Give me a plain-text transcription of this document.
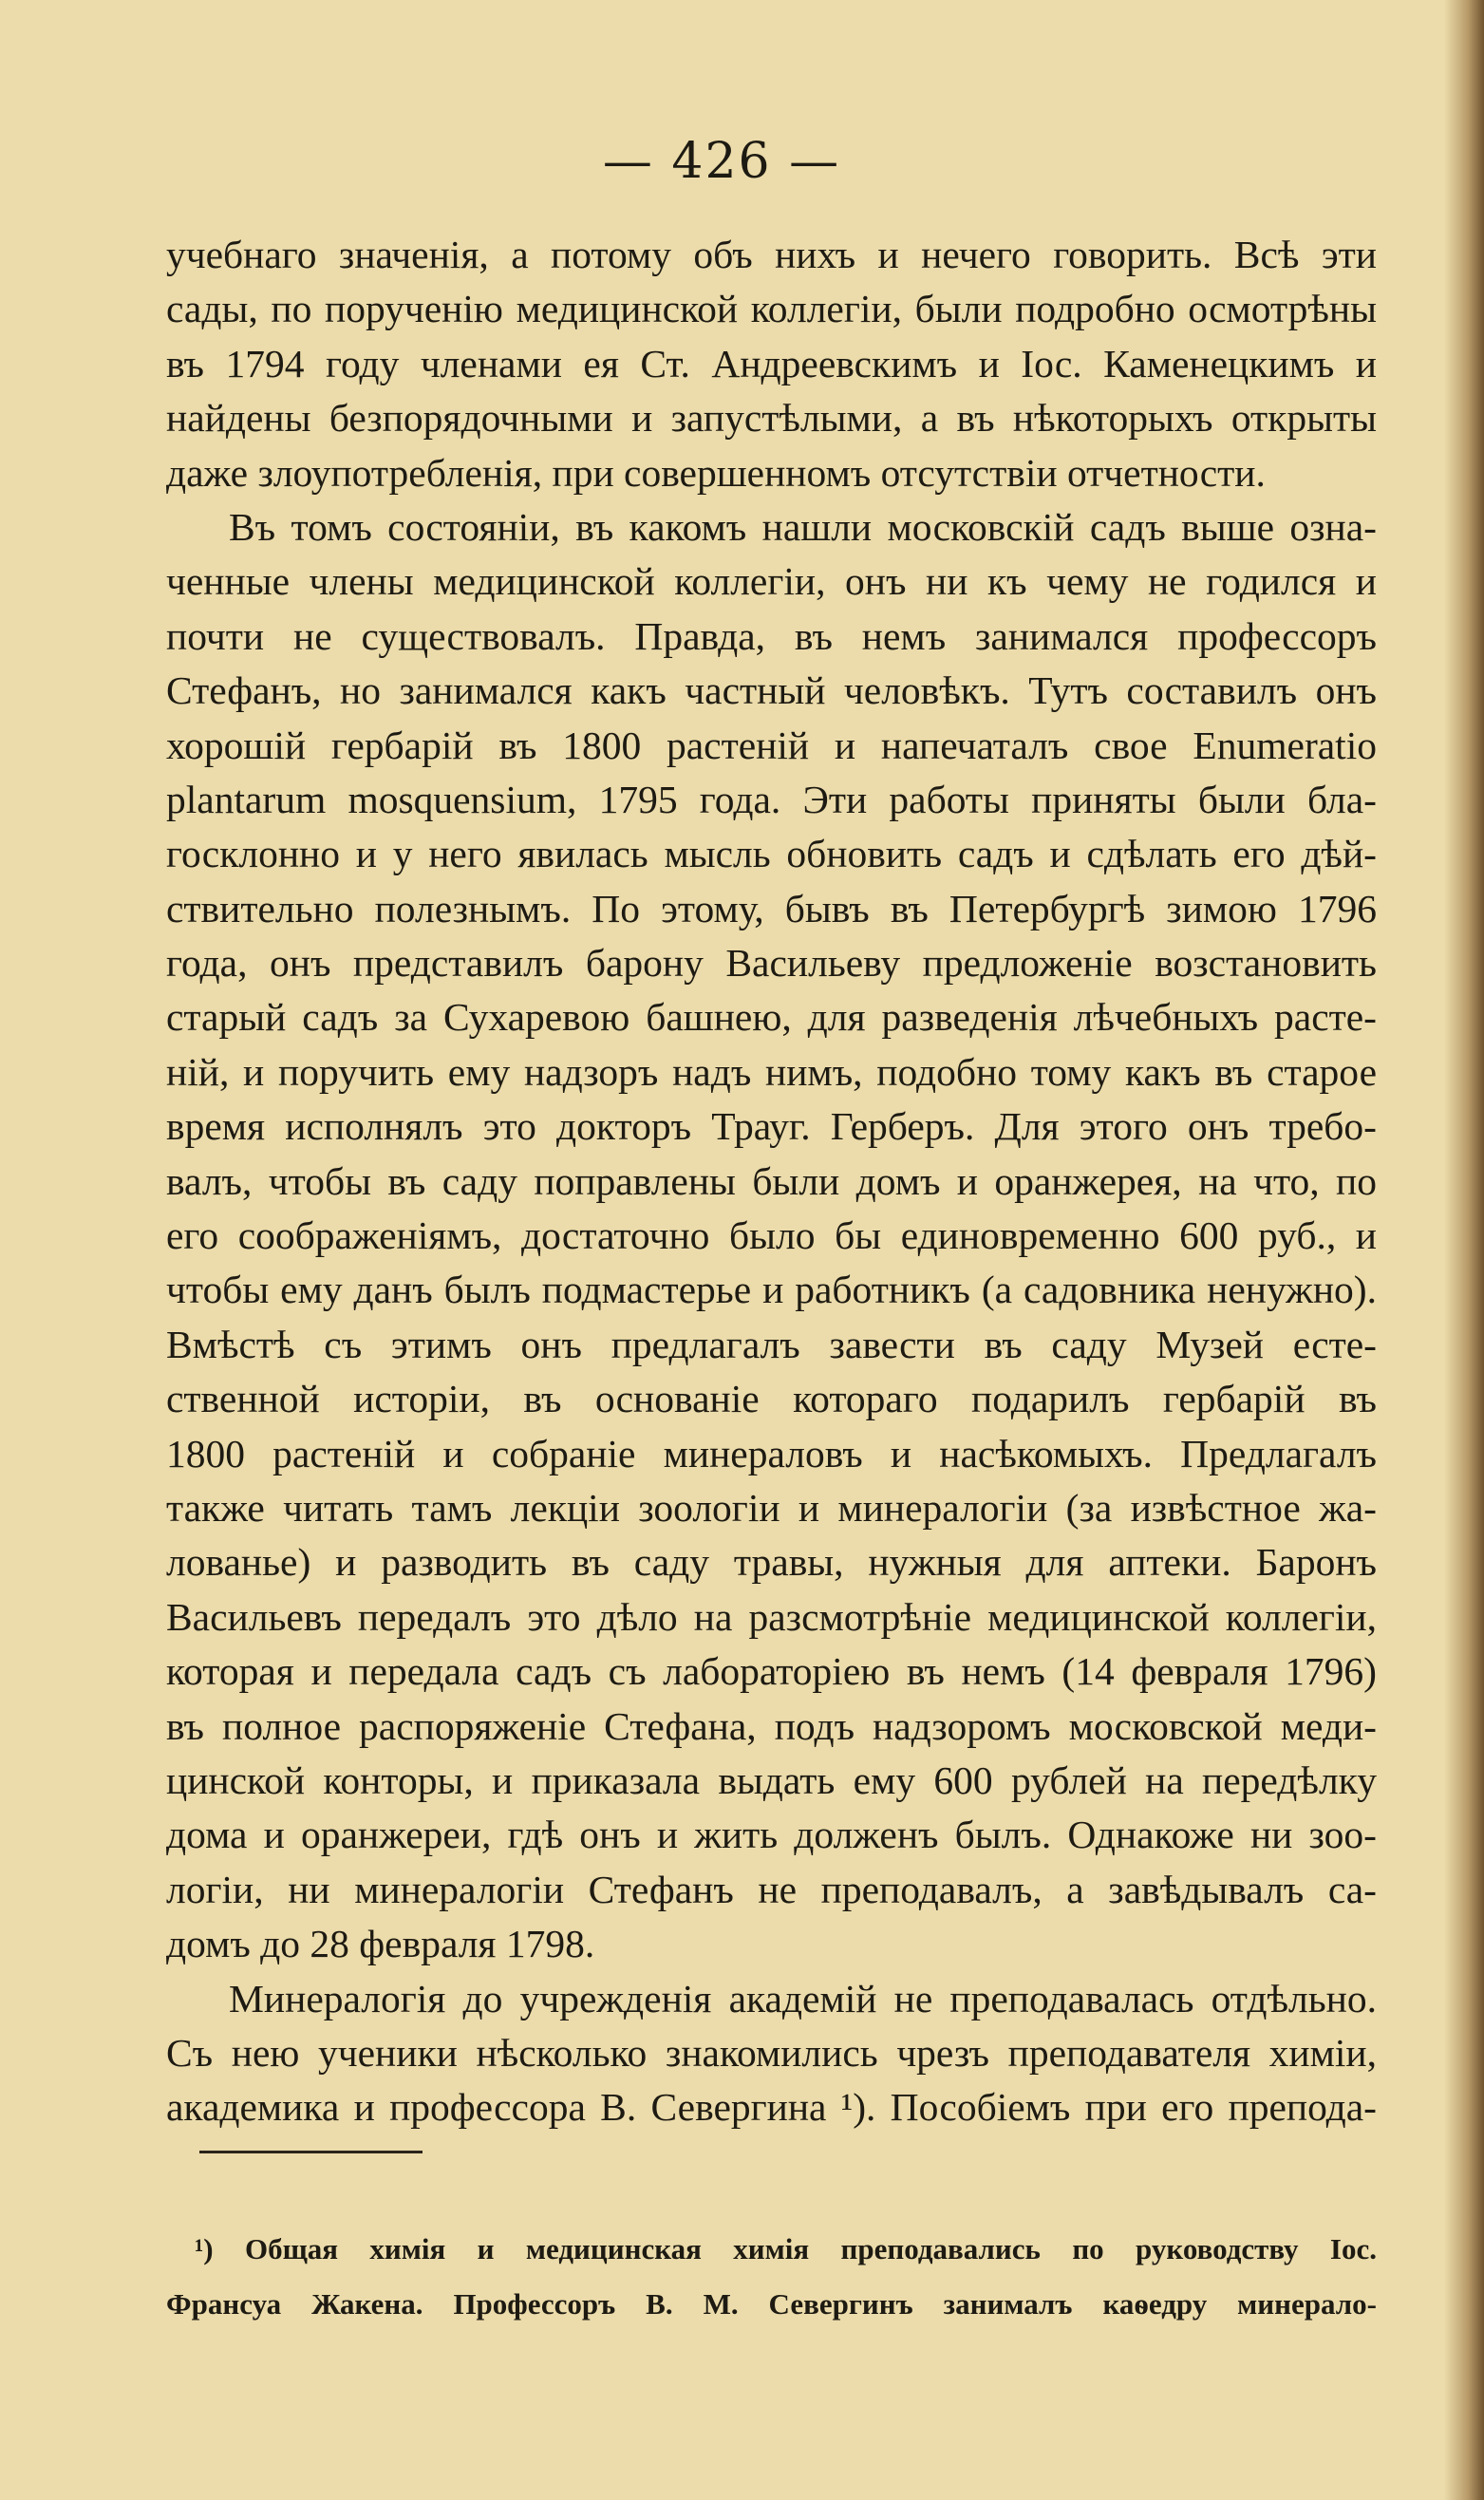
— 426 —
учебнаго значенія, а потому объ нихъ и нечего говорить. Всѣ эти
сады, по порученію медицинской коллегіи, были подробно осмотрѣны
въ 1794 году членами ея Ст. Андреевскимъ и Іос. Каменецкимъ и
найдены безпорядочными и запустѣлыми, а въ нѣкоторыхъ открыты
даже злоупотребленія, при совершенномъ отсутствіи отчетности.
Въ томъ состояніи, въ какомъ нашли московскій садъ выше озна-
ченные члены медицинской коллегіи, онъ ни къ чему не годился и
почти не существовалъ. Правда, въ немъ занимался профессоръ
Стефанъ, но занимался какъ частный человѣкъ. Тутъ составилъ онъ
хорошій гербарій въ 1800 растеній и напечаталъ свое Enumeratio
plantarum mosquensium, 1795 года. Эти работы приняты были бла-
госклонно и у него явилась мысль обновить садъ и сдѣлать его дѣй-
ствительно полезнымъ. По этому, бывъ въ Петербургѣ зимою 1796
года, онъ представилъ барону Васильеву предложеніе возстановить
старый садъ за Сухаревою башнею, для разведенія лѣчебныхъ расте-
ній, и поручить ему надзоръ надъ нимъ, подобно тому какъ въ старое
время исполнялъ это докторъ Трауг. Герберъ. Для этого онъ требо-
валъ, чтобы въ саду поправлены были домъ и оранжерея, на что, по
его соображеніямъ, достаточно было бы единовременно 600 руб., и
чтобы ему данъ былъ подмастерье и работникъ (а садовника ненужно).
Вмѣстѣ съ этимъ онъ предлагалъ завести въ саду Музей есте-
ственной исторіи, въ основаніе котораго подарилъ гербарій въ
1800 растеній и собраніе минераловъ и насѣкомыхъ. Предлагалъ
также читать тамъ лекціи зоологіи и минералогіи (за извѣстное жа-
лованье) и разводить въ саду травы, нужныя для аптеки. Баронъ
Васильевъ передалъ это дѣло на разсмотрѣніе медицинской коллегіи,
которая и передала садъ съ лабораторіею въ немъ (14 февраля 1796)
въ полное распоряженіе Стефана, подъ надзоромъ московской меди-
цинской конторы, и приказала выдать ему 600 рублей на передѣлку
дома и оранжереи, гдѣ онъ и жить долженъ былъ. Однакоже ни зоо-
логіи, ни минералогіи Стефанъ не преподавалъ, а завѣдывалъ са-
домъ до 28 февраля 1798.
Минералогія до учрежденія академій не преподавалась отдѣльно.
Съ нею ученики нѣсколько знакомились чрезъ преподавателя химіи,
академика и профессора В. Севергина ¹). Пособіемъ при его препода-
¹) Общая химія и медицинская химія преподавались по руководству Іос.
Франсуа Жакена. Профессоръ В. М. Севергинъ занималъ каѳедру минерало-
